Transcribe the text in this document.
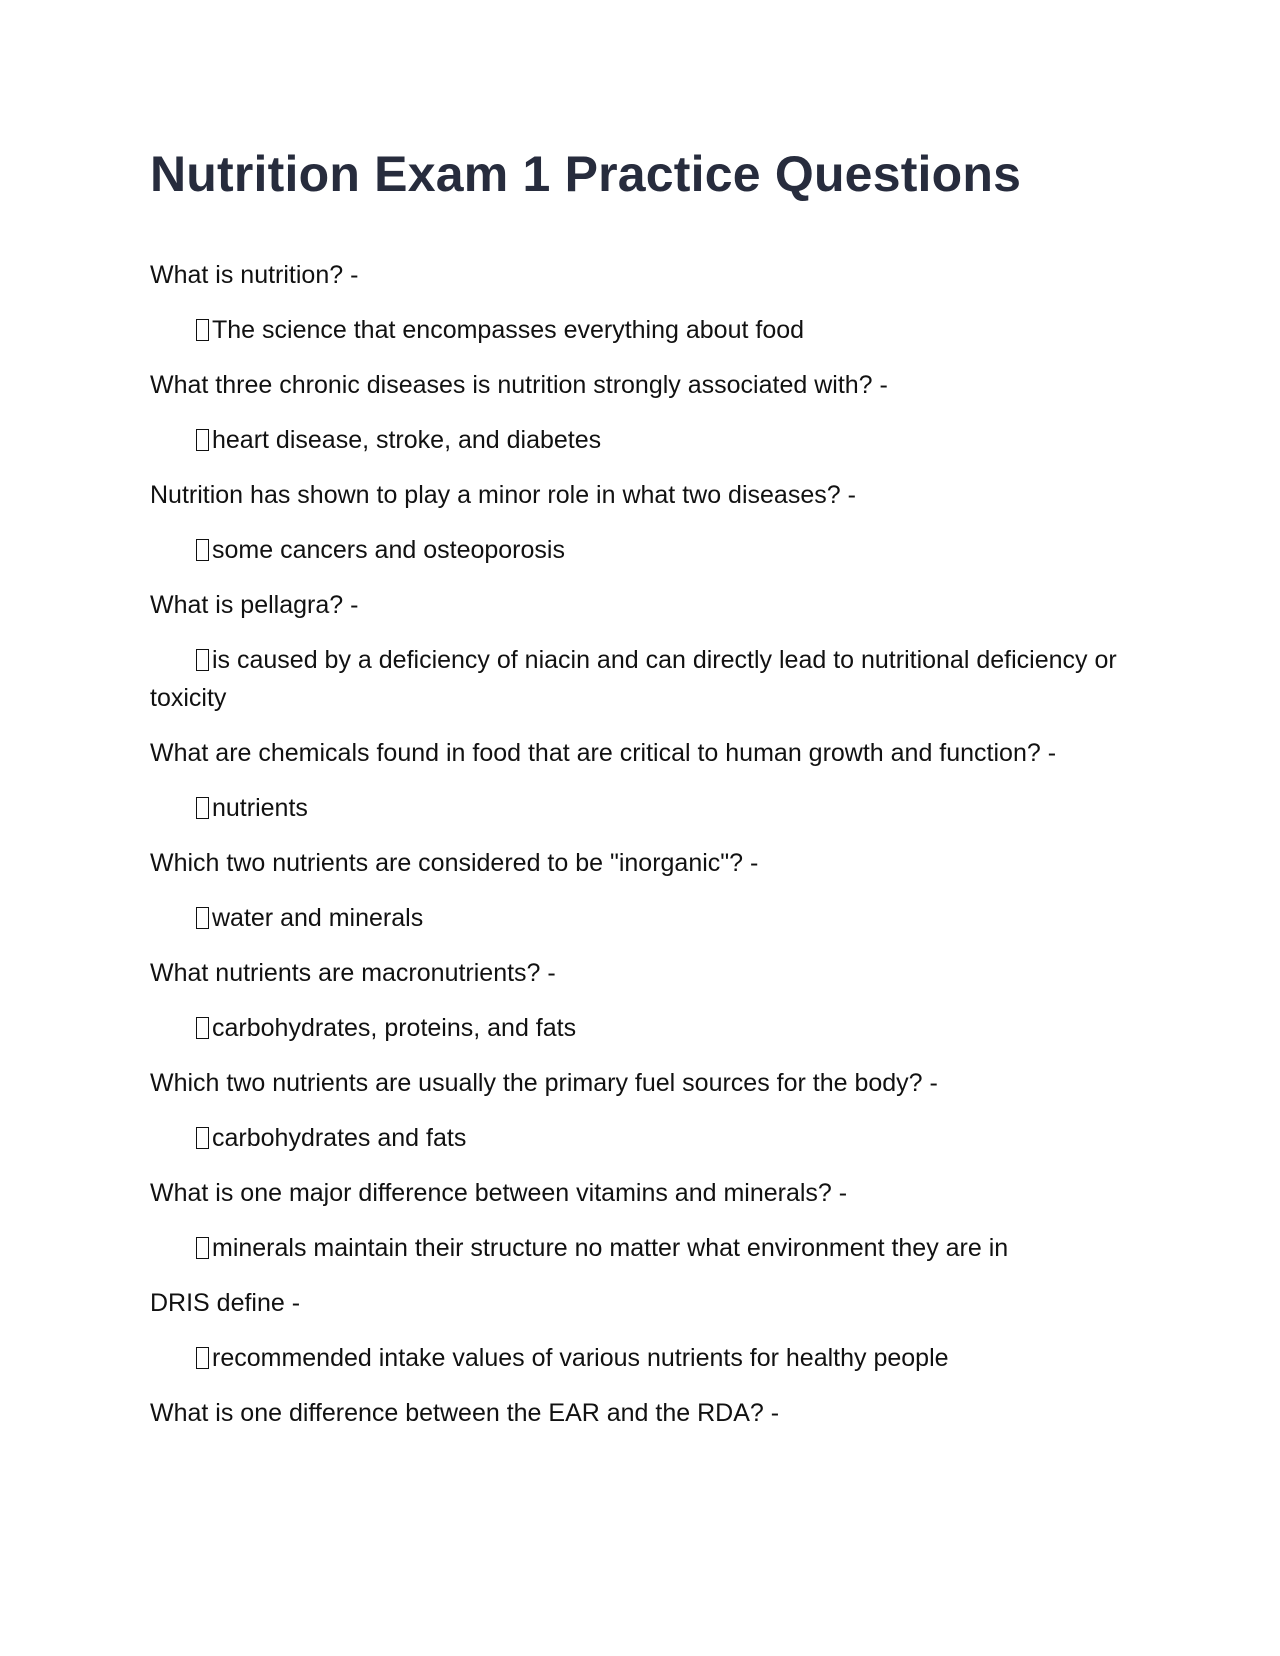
Nutrition Exam 1 Practice Questions

What is nutrition? -

The science that encompasses everything about food

What three chronic diseases is nutrition strongly associated with? -

heart disease, stroke, and diabetes

Nutrition has shown to play a minor role in what two diseases? -

some cancers and osteoporosis

What is pellagra? -

is caused by a deficiency of niacin and can directly lead to nutritional deficiency or toxicity

What are chemicals found in food that are critical to human growth and function? -

nutrients

Which two nutrients are considered to be "inorganic"? -

water and minerals

What nutrients are macronutrients? -

carbohydrates, proteins, and fats

Which two nutrients are usually the primary fuel sources for the body? -

carbohydrates and fats

What is one major difference between vitamins and minerals? -

minerals maintain their structure no matter what environment they are in

DRIS define -

recommended intake values of various nutrients for healthy people

What is one difference between the EAR and the RDA? -
